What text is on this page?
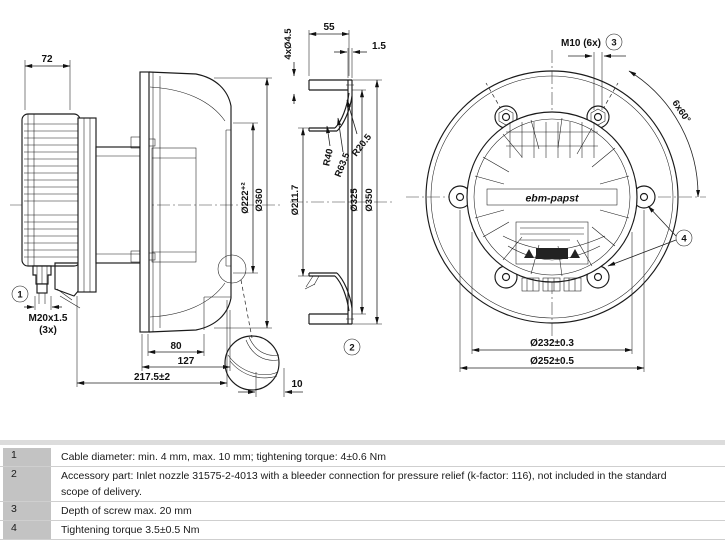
72
1
M20x1.5
(3x)
80
127
217.5±2
Ø222⁺² Ø360
55
1.5
4xØ4.5
R40
R63.5
R20.5
Ø211.7	Ø325 Ø350
2
10
ebm-papst
M10 (6x) 3
6x60°
4
Ø232±0.3
Ø252±0.5
1	Cable diameter: min. 4 mm, max. 10 mm; tightening torque: 4±0.6 Nm
2	Accessory part: Inlet nozzle 31575-2-4013 with a bleeder connection for pressure relief (k-factor: 116), not included in the standard scope of delivery.
3	Depth of screw max. 20 mm
4	Tightening torque 3.5±0.5 Nm
